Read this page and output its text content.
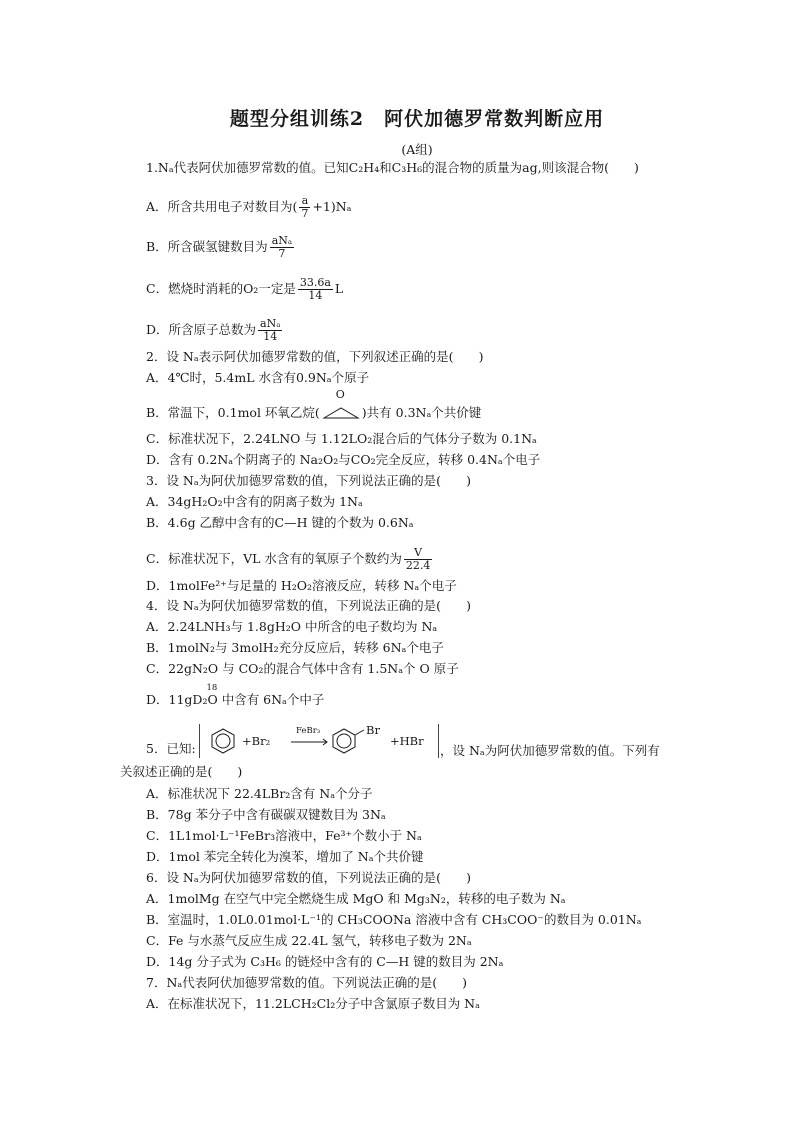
题型分组训练2　阿伏加德罗常数判断应用
(A组)
1.Nₐ代表阿伏加德罗常数的值。已知C₂H₄和C₃H₆的混合物的质量为ag,则该混合物(　　)
A．所含共用电子对数目为( $\frac{a}{7} +1)N_a$
B．所含碳氢键数目为 $\frac{\text{aNₐ}}{7}$
C．燃烧时消耗的O₂一定是 $\frac{33.6a}{14}$ L
D．所含原子总数为 $\frac{\text{aNₐ}}{14}$
2．设 Nₐ表示阿伏加德罗常数的值，下列叙述正确的是(　　)
A．4℃时，5.4mL 水含有0.9Nₐ个原子
B．常温下，0.1mol 环氧乙烷(
O
)共有 0.3Nₐ个共价键
C．标准状况下，2.24LNO 与 1.12LO₂混合后的气体分子数为 0.1Nₐ
D．含有 0.2Nₐ个阴离子的 Na₂O₂与CO₂完全反应，转移 0.4Nₐ个电子
3．设 Nₐ为阿伏加德罗常数的值，下列说法正确的是(　　)
A．34gH₂O₂中含有的阴离子数为 1Nₐ
B．4.6g 乙醇中含有的C—H 键的个数为 0.6Nₐ
C．标准状况下，VL 水含有的氧原子个数约为 $\frac{V}{22.4}$
D．1molFe²⁺与足量的 H₂O₂溶液反应，转移 Nₐ个电子
4．设 Nₐ为阿伏加德罗常数的值，下列说法正确的是(　　)
A．2.24LNH₃与 1.8gH₂O 中所含的电子数均为 Nₐ
B．1molN₂与 3molH₂充分反应后，转移 6Nₐ个电子
C．22gN₂O 与 CO₂的混合气体中含有 1.5Nₐ个 O 原子
D．11gD₂
18
O 中含有 6Nₐ个中子
5．已知:	+Br₂
FeBr₃	Br
+HBr
，设 Nₐ为阿伏加德罗常数的值。下列有
关叙述正确的是(　　)
A．标准状况下 22.4LBr₂含有 Nₐ个分子
B．78g 苯分子中含有碳碳双键数目为 3Nₐ
C．1L1mol·L⁻¹FeBr₃溶液中，Fe³⁺个数小于 Nₐ
D．1mol 苯完全转化为溴苯，增加了 Nₐ个共价键
6．设 Nₐ为阿伏加德罗常数的值，下列说法正确的是(　　)
A．1molMg 在空气中完全燃烧生成 MgO 和 Mg₃N₂，转移的电子数为 Nₐ
B．室温时，1.0L0.01mol·L⁻¹的 CH₃COONa 溶液中含有 CH₃COO⁻的数目为 0.01Nₐ
C．Fe 与水蒸气反应生成 22.4L 氢气，转移电子数为 2Nₐ
D．14g 分子式为 C₃H₆ 的链烃中含有的 C—H 键的数目为 2Nₐ
7．Nₐ代表阿伏加德罗常数的值。下列说法正确的是(　　)
A．在标准状况下，11.2LCH₂Cl₂分子中含氯原子数目为 Nₐ
